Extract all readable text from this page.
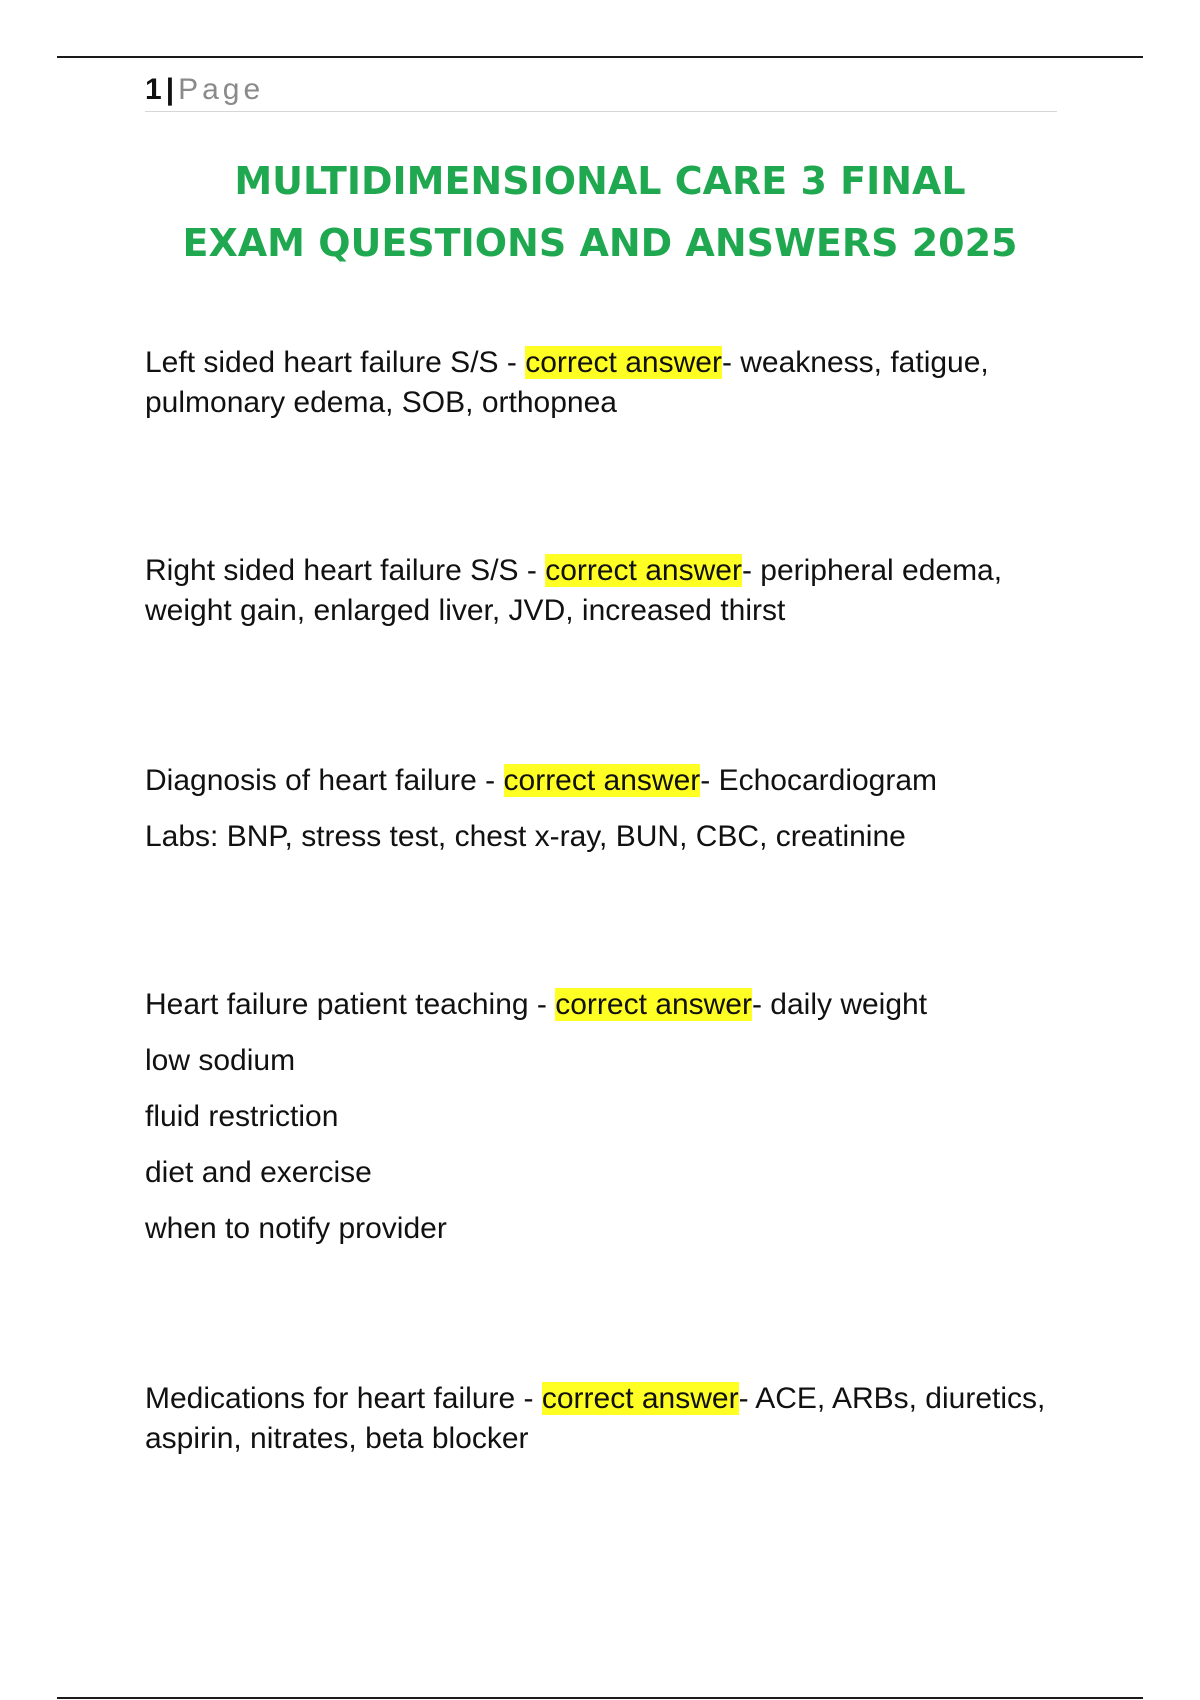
1 | Page
MULTIDIMENSIONAL CARE 3 FINAL
EXAM QUESTIONS AND ANSWERS 2025
Left sided heart failure S/S - correct answer- weakness, fatigue, pulmonary edema, SOB, orthopnea
Right sided heart failure S/S - correct answer- peripheral edema, weight gain, enlarged liver, JVD, increased thirst
Diagnosis of heart failure - correct answer- Echocardiogram
Labs: BNP, stress test, chest x-ray, BUN, CBC, creatinine
Heart failure patient teaching - correct answer- daily weight
low sodium
fluid restriction
diet and exercise
when to notify provider
Medications for heart failure - correct answer- ACE, ARBs, diuretics, aspirin, nitrates, beta blocker
